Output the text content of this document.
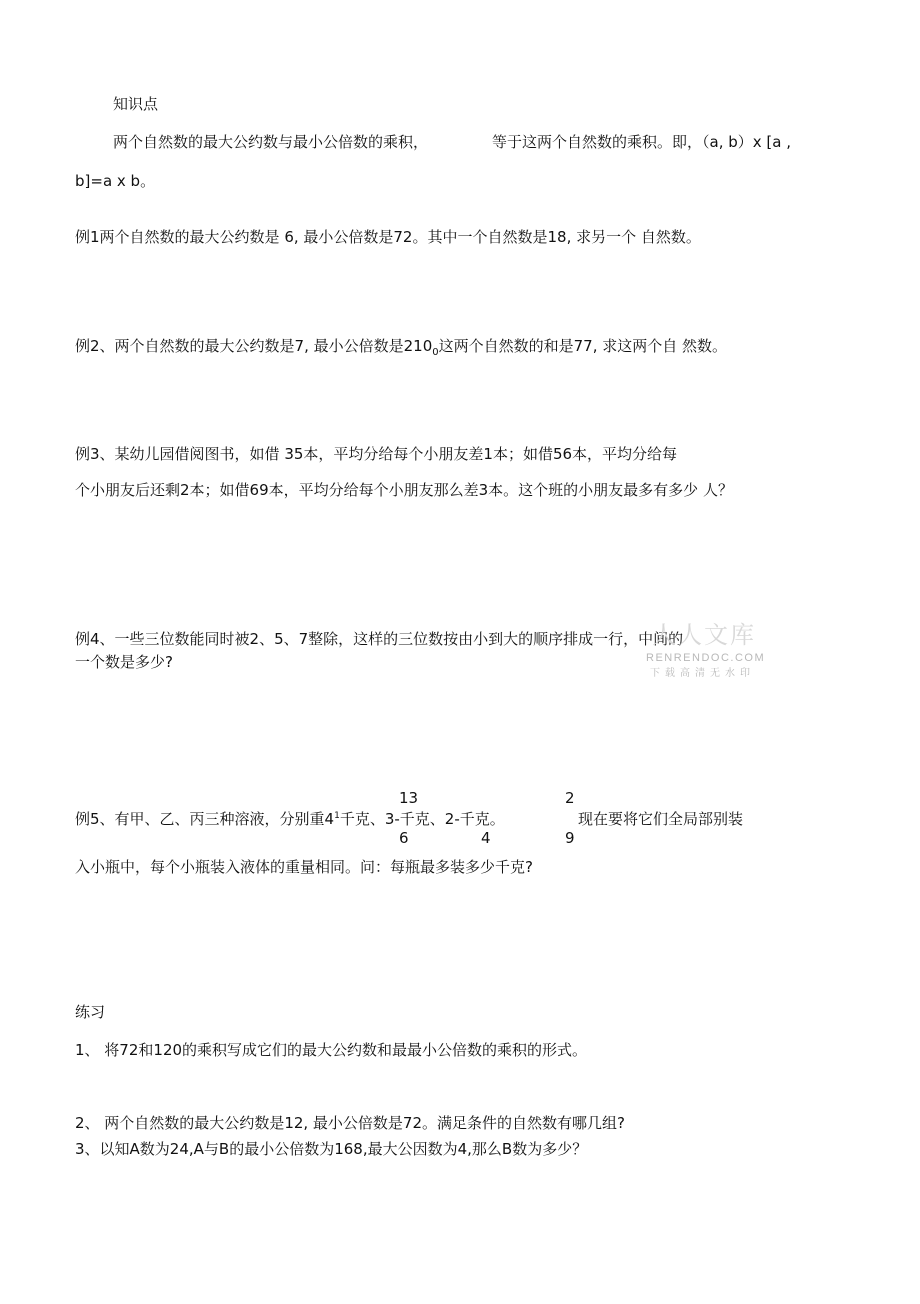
知识点
两个自然数的最大公约数与最小公倍数的乘积，	等于这两个自然数的乘积。即，（a, b）x [a ,
b]=a x b。
例1两个自然数的最大公约数是 6, 最小公倍数是72。其中一个自然数是18, 求另一个 自然数。
例2、两个自然数的最大公约数是7, 最小公倍数是$210_0$这两个自然数的和是77, 求这两个自 然数。
例3、某幼儿园借阅图书，如借 35本，平均分给每个小朋友差1本；如借56本，平均分给每
个小朋友后还剩2本；如借69本，平均分给每个小朋友那么差3本。这个班的小朋友最多有多少 人？
例4、一些三位数能同时被2、5、7整除，这样的三位数按由小到大的顺序排成一行，中间的
一个数是多少?
人人文库
RENRENDOC.COM
下载高清无水印
13	2
例5、有甲、乙、丙三种溶液，分别重$4^1$千克、3-千克、2-千克。	现在要将它们全局部别装
6	4	9
入小瓶中，每个小瓶装入液体的重量相同。问：每瓶最多装多少千克?
练习
1、 将72和120的乘积写成它们的最大公约数和最最小公倍数的乘积的形式。
2、 两个自然数的最大公约数是12, 最小公倍数是72。满足条件的自然数有哪几组?
3、以知A数为24,A与B的最小公倍数为168,最大公因数为4,那么B数为多少？
